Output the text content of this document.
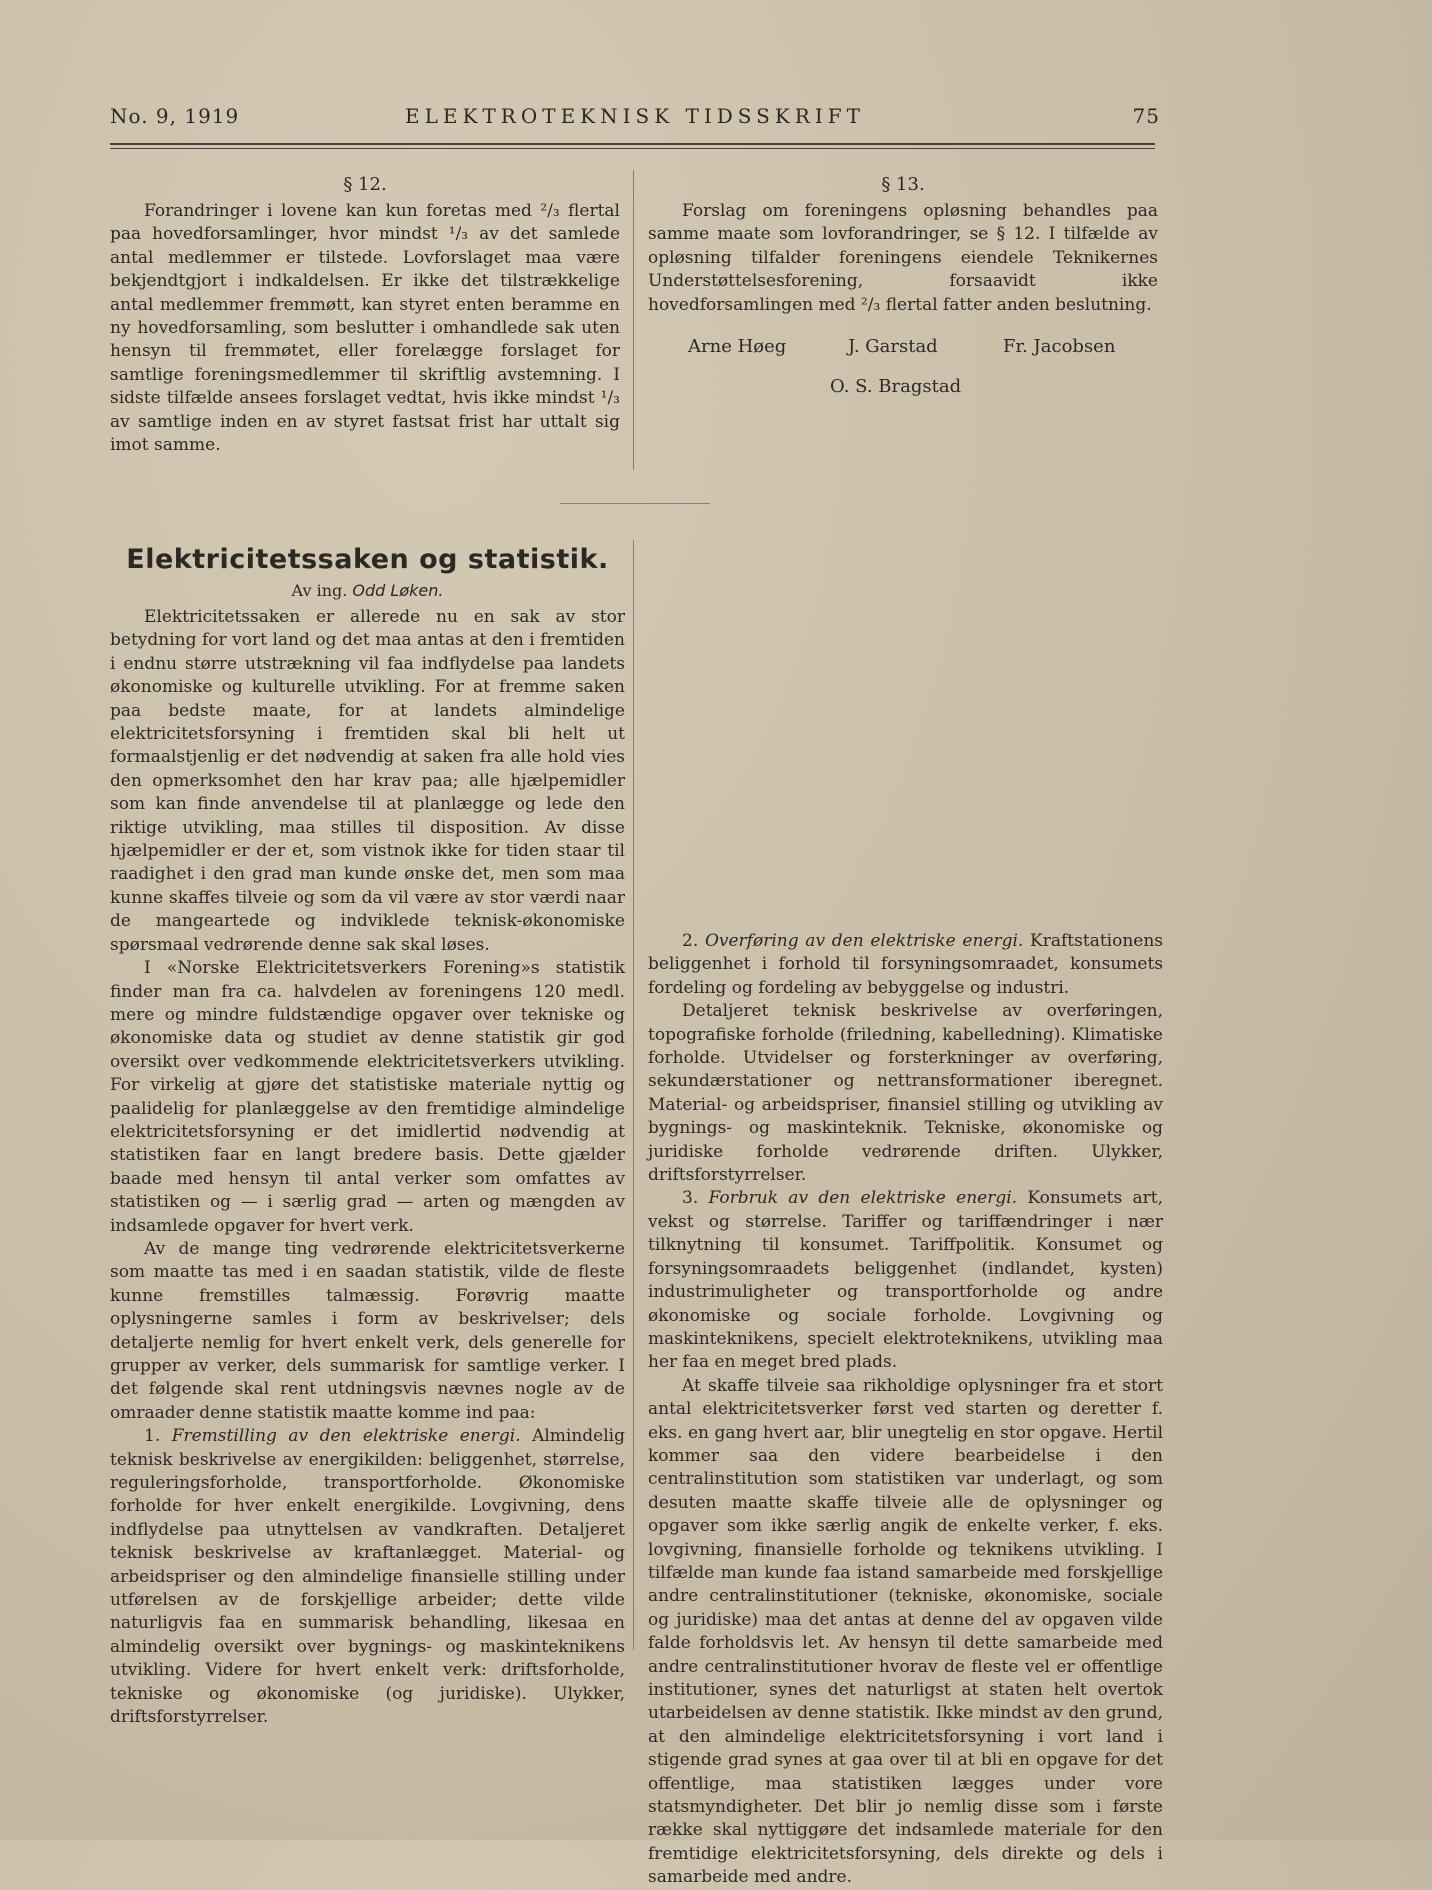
No. 9, 1919	ELEKTROTEKNISK TIDSSKRIFT	75

§ 12.

Forandringer i lovene kan kun foretas med ²/₃ flertal paa hovedforsamlinger, hvor mindst ¹/₃ av det samlede antal medlemmer er tilstede. Lovforslaget maa være bekjendtgjort i indkaldelsen. Er ikke det tilstrækkelige antal medlemmer fremmøtt, kan styret enten beramme en ny hovedforsamling, som beslutter i omhandlede sak uten hensyn til fremmøtet, eller forelægge forslaget for samtlige foreningsmedlemmer til skriftlig avstemning. I sidste tilfælde ansees forslaget vedtat, hvis ikke mindst ¹/₃ av samtlige inden en av styret fastsat frist har uttalt sig imot samme.

§ 13.

Forslag om foreningens opløsning behandles paa samme maate som lovforandringer, se § 12. I tilfælde av opløsning tilfalder foreningens eiendele Teknikernes Understøttelsesforening, forsaavidt ikke hovedforsamlingen med ²/₃ flertal fatter anden beslutning.

Arne Høeg	J. Garstad	Fr. Jacobsen
O. S. Bragstad

Elektricitetssaken og statistik.

Av ing. Odd Løken.

Elektricitetssaken er allerede nu en sak av stor betydning for vort land og det maa antas at den i fremtiden i endnu større utstrækning vil faa indflydelse paa landets økonomiske og kulturelle utvikling. For at fremme saken paa bedste maate, for at landets almindelige elektricitetsforsyning i fremtiden skal bli helt ut formaalstjenlig er det nødvendig at saken fra alle hold vies den opmerksomhet den har krav paa; alle hjælpemidler som kan finde anvendelse til at planlægge og lede den riktige utvikling, maa stilles til disposition. Av disse hjælpemidler er der et, som vistnok ikke for tiden staar til raadighet i den grad man kunde ønske det, men som maa kunne skaffes tilveie og som da vil være av stor værdi naar de mangeartede og indviklede teknisk-økonomiske spørsmaal vedrørende denne sak skal løses.

I «Norske Elektricitetsverkers Forening»s statistik finder man fra ca. halvdelen av foreningens 120 medl. mere og mindre fuldstændige opgaver over tekniske og økonomiske data og studiet av denne statistik gir god oversikt over vedkommende elektricitetsverkers utvikling. For virkelig at gjøre det statistiske materiale nyttig og paalidelig for planlæggelse av den fremtidige almindelige elektricitetsforsyning er det imidlertid nødvendig at statistiken faar en langt bredere basis. Dette gjælder baade med hensyn til antal verker som omfattes av statistiken og — i særlig grad — arten og mængden av indsamlede opgaver for hvert verk.

Av de mange ting vedrørende elektricitetsverkerne som maatte tas med i en saadan statistik, vilde de fleste kunne fremstilles talmæssig. Forøvrig maatte oplysningerne samles i form av beskrivelser; dels detaljerte nemlig for hvert enkelt verk, dels generelle for grupper av verker, dels summarisk for samtlige verker. I det følgende skal rent utdningsvis nævnes nogle av de omraader denne statistik maatte komme ind paa:

1. Fremstilling av den elektriske energi. Almindelig teknisk beskrivelse av energikilden: beliggenhet, størrelse, reguleringsforholde, transportforholde. Økonomiske forholde for hver enkelt energikilde. Lovgivning, dens indflydelse paa utnyttelsen av vandkraften. Detaljeret teknisk beskrivelse av kraftanlægget. Material- og arbeidspriser og den almindelige finansielle stilling under utførelsen av de forskjellige arbeider; dette vilde naturligvis faa en summarisk behandling, likesaa en almindelig oversikt over bygnings- og maskinteknikens utvikling. Videre for hvert enkelt verk: driftsforholde, tekniske og økonomiske (og juridiske). Ulykker, driftsforstyrrelser.

2. Overføring av den elektriske energi. Kraftstationens beliggenhet i forhold til forsyningsomraadet, konsumets fordeling og fordeling av bebyggelse og industri.

Detaljeret teknisk beskrivelse av overføringen, topografiske forholde (friledning, kabelledning). Klimatiske forholde. Utvidelser og forsterkninger av overføring, sekundærstationer og nettransformationer iberegnet. Material- og arbeidspriser, finansiel stilling og utvikling av bygnings- og maskinteknik. Tekniske, økonomiske og juridiske forholde vedrørende driften. Ulykker, driftsforstyrrelser.

3. Forbruk av den elektriske energi. Konsumets art, vekst og størrelse. Tariffer og tariffændringer i nær tilknytning til konsumet. Tariffpolitik. Konsumet og forsyningsomraadets beliggenhet (indlandet, kysten) industrimuligheter og transportforholde og andre økonomiske og sociale forholde. Lovgivning og maskinteknikens, specielt elektroteknikens, utvikling maa her faa en meget bred plads.

At skaffe tilveie saa rikholdige oplysninger fra et stort antal elektricitetsverker først ved starten og deretter f. eks. en gang hvert aar, blir unegtelig en stor opgave. Hertil kommer saa den videre bearbeidelse i den centralinstitution som statistiken var underlagt, og som desuten maatte skaffe tilveie alle de oplysninger og opgaver som ikke særlig angik de enkelte verker, f. eks. lovgivning, finansielle forholde og teknikens utvikling. I tilfælde man kunde faa istand samarbeide med forskjellige andre centralinstitutioner (tekniske, økonomiske, sociale og juridiske) maa det antas at denne del av opgaven vilde falde forholdsvis let. Av hensyn til dette samarbeide med andre centralinstitutioner hvorav de fleste vel er offentlige institutioner, synes det naturligst at staten helt overtok utarbeidelsen av denne statistik. Ikke mindst av den grund, at den almindelige elektricitetsforsyning i vort land i stigende grad synes at gaa over til at bli en opgave for det offentlige, maa statistiken lægges under vore statsmyndigheter. Det blir jo nemlig disse som i første række skal nyttiggøre det indsamlede materiale for den fremtidige elektricitetsforsyning, dels direkte og dels i samarbeide med andre.
